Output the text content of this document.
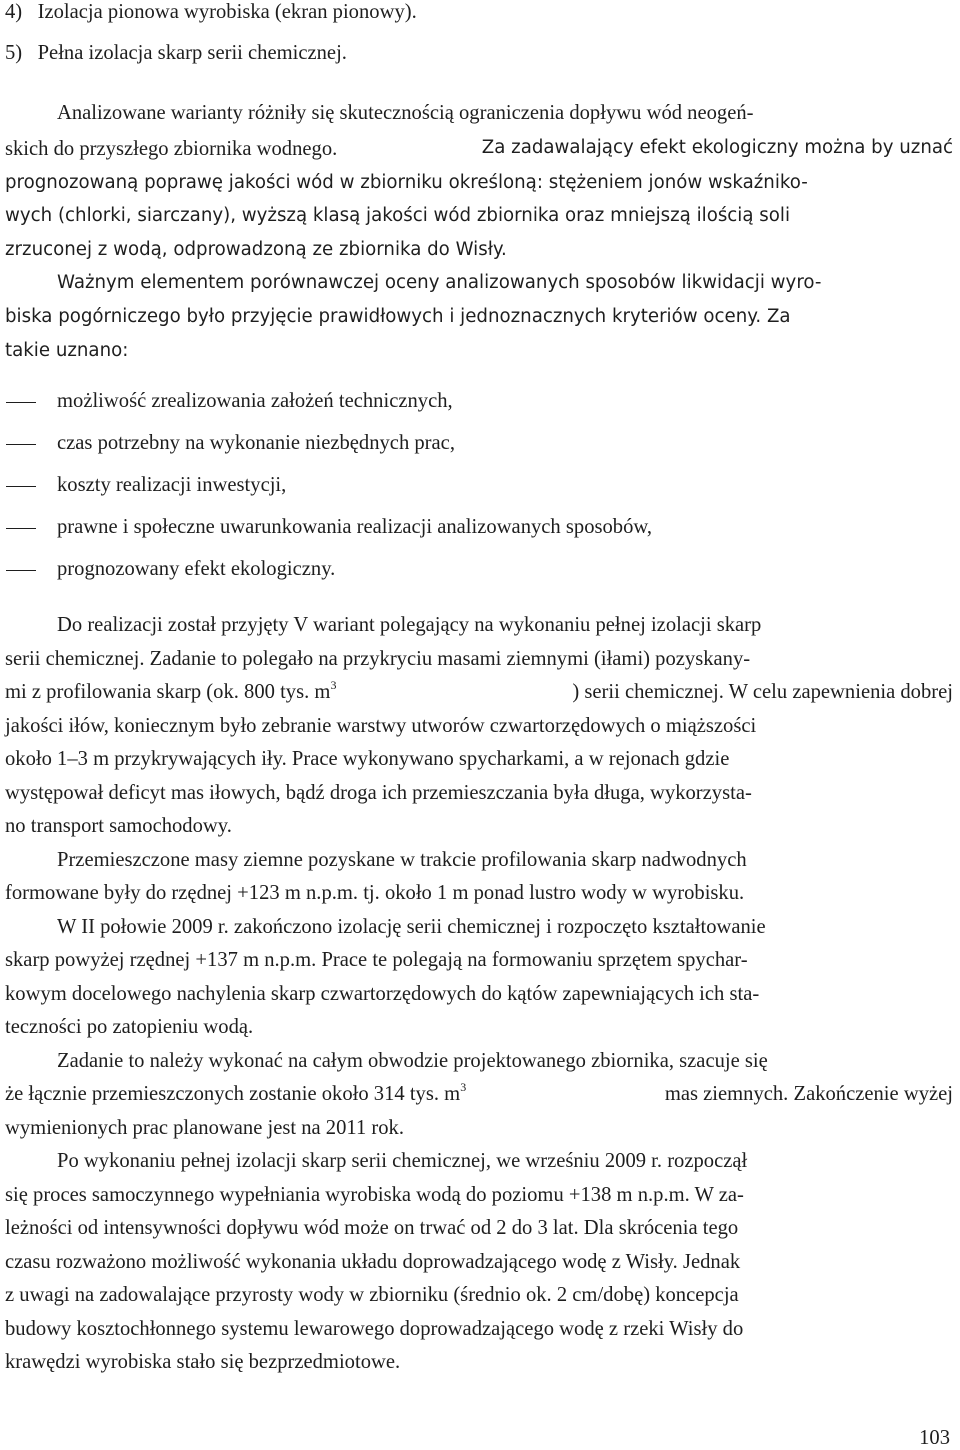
4)   Izolacja pionowa wyrobiska (ekran pionowy).
5)   Pełna izolacja skarp serii chemicznej.
Analizowane warianty różniły się skutecznością ograniczenia dopływu wód neogeń-
skich do przyszłego zbiornika wodnego.	Za zadawalający efekt ekologiczny można by uznać
prognozowaną poprawę jakości wód w zbiorniku określoną: stężeniem jonów wskaźniko-
wych (chlorki, siarczany), wyższą klasą jakości wód zbiornika oraz mniejszą ilością soli
zrzuconej z wodą, odprowadzoną ze zbiornika do Wisły.
Ważnym elementem porównawczej oceny analizowanych sposobów likwidacji wyro-
biska pogórniczego było przyjęcie prawidłowych i jednoznacznych kryteriów oceny. Za
takie uznano:
możliwość zrealizowania założeń technicznych,
czas potrzebny na wykonanie niezbędnych prac,
koszty realizacji inwestycji,
prawne i społeczne uwarunkowania realizacji analizowanych sposobów,
prognozowany efekt ekologiczny.
Do realizacji został przyjęty V wariant polegający na wykonaniu pełnej izolacji skarp
serii chemicznej. Zadanie to polegało na przykryciu masami ziemnymi (iłami) pozyskany-
mi z profilowania skarp (ok. 800 tys. $m^3$	) serii chemicznej. W celu zapewnienia dobrej
jakości iłów, koniecznym było zebranie warstwy utworów czwartorzędowych o miąższości
około 1–3 m przykrywających iły. Prace wykonywano spycharkami, a w rejonach gdzie
występował deficyt mas iłowych, bądź droga ich przemieszczania była długa, wykorzysta-
no transport samochodowy.
Przemieszczone masy ziemne pozyskane w trakcie profilowania skarp nadwodnych
formowane były do rzędnej +123 m n.p.m. tj. około 1 m ponad lustro wody w wyrobisku.
W II połowie 2009 r. zakończono izolację serii chemicznej i rozpoczęto kształtowanie
skarp powyżej rzędnej +137 m n.p.m. Prace te polegają na formowaniu sprzętem spychar-
kowym docelowego nachylenia skarp czwartorzędowych do kątów zapewniających ich sta-
teczności po zatopieniu wodą.
Zadanie to należy wykonać na całym obwodzie projektowanego zbiornika, szacuje się
że łącznie przemieszczonych zostanie około 314 tys. $m^3$	mas ziemnych. Zakończenie wyżej
wymienionych prac planowane jest na 2011 rok.
Po wykonaniu pełnej izolacji skarp serii chemicznej, we wrześniu 2009 r. rozpoczął
się proces samoczynnego wypełniania wyrobiska wodą do poziomu +138 m n.p.m. W za-
leżności od intensywności dopływu wód może on trwać od 2 do 3 lat. Dla skrócenia tego
czasu rozważono możliwość wykonania układu doprowadzającego wodę z Wisły. Jednak
z uwagi na zadowalające przyrosty wody w zbiorniku (średnio ok. 2 cm/dobę) koncepcja
budowy kosztochłonnego systemu lewarowego doprowadzającego wodę z rzeki Wisły do
krawędzi wyrobiska stało się bezprzedmiotowe.
103
